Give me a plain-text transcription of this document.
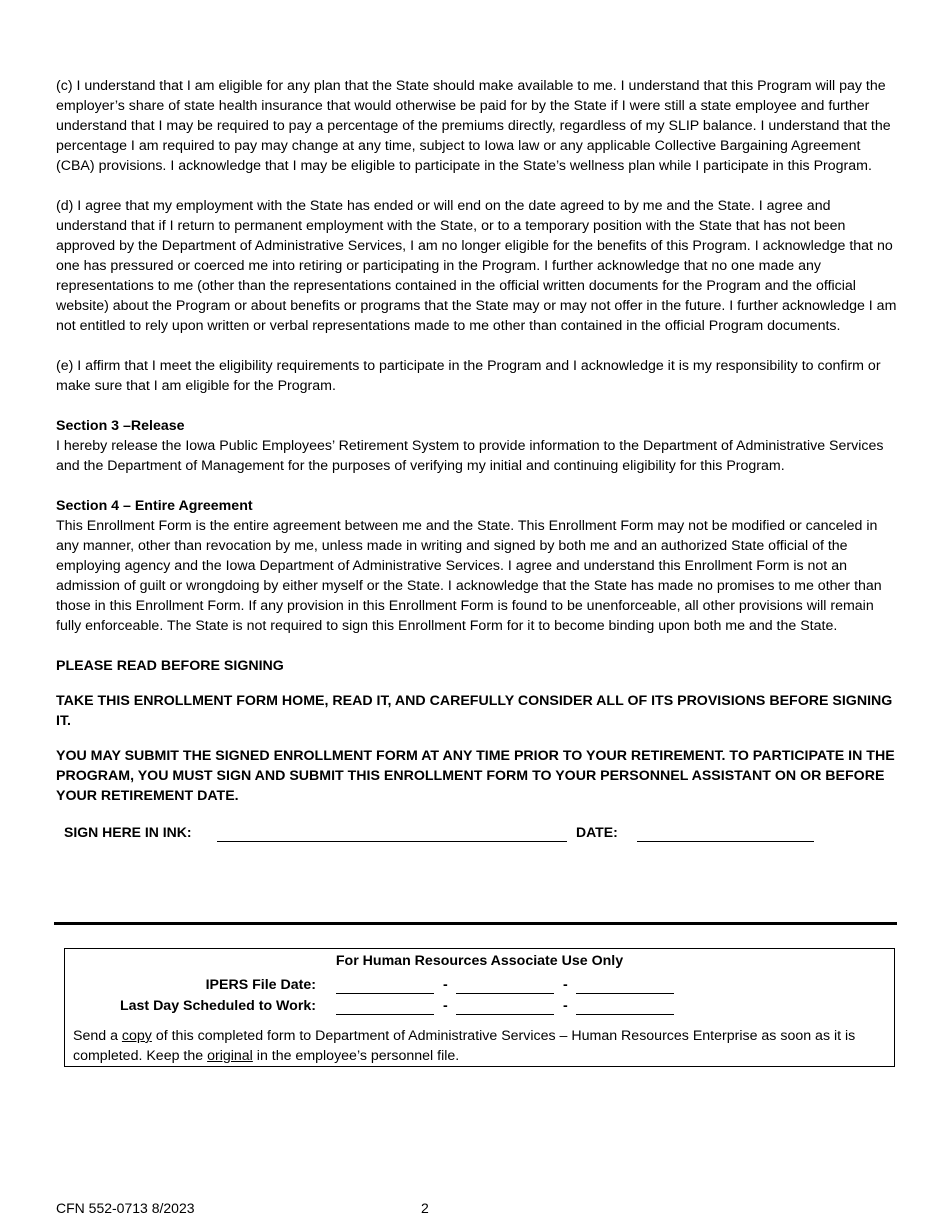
(c) I understand that I am eligible for any plan that the State should make available to me. I understand that this Program will pay the employer’s share of state health insurance that would otherwise be paid for by the State if I were still a state employee and further understand that I may be required to pay a percentage of the premiums directly, regardless of my SLIP balance. I understand that the percentage I am required to pay may change at any time, subject to Iowa law or any applicable Collective Bargaining Agreement (CBA) provisions. I acknowledge that I may be eligible to participate in the State’s wellness plan while I participate in this Program.

(d) I agree that my employment with the State has ended or will end on the date agreed to by me and the State. I agree and understand that if I return to permanent employment with the State, or to a temporary position with the State that has not been approved by the Department of Administrative Services, I am no longer eligible for the benefits of this Program. I acknowledge that no one has pressured or coerced me into retiring or participating in the Program. I further acknowledge that no one made any representations to me (other than the representations contained in the official written documents for the Program and the official website) about the Program or about benefits or programs that the State may or may not offer in the future. I further acknowledge I am not entitled to rely upon written or verbal representations made to me other than contained in the official Program documents.

(e) I affirm that I meet the eligibility requirements to participate in the Program and I acknowledge it is my responsibility to confirm or make sure that I am eligible for the Program.

Section 3 –Release
I hereby release the Iowa Public Employees’ Retirement System to provide information to the Department of Administrative Services and the Department of Management for the purposes of verifying my initial and continuing eligibility for this Program.

Section 4 – Entire Agreement
This Enrollment Form is the entire agreement between me and the State. This Enrollment Form may not be modified or canceled in any manner, other than revocation by me, unless made in writing and signed by both me and an authorized State official of the employing agency and the Iowa Department of Administrative Services. I agree and understand this Enrollment Form is not an admission of guilt or wrongdoing by either myself or the State. I acknowledge that the State has made no promises to me other than those in this Enrollment Form. If any provision in this Enrollment Form is found to be unenforceable, all other provisions will remain fully enforceable. The State is not required to sign this Enrollment Form for it to become binding upon both me and the State.

PLEASE READ BEFORE SIGNING

TAKE THIS ENROLLMENT FORM HOME, READ IT, AND CAREFULLY CONSIDER ALL OF ITS PROVISIONS BEFORE SIGNING IT.

YOU MAY SUBMIT THE SIGNED ENROLLMENT FORM AT ANY TIME PRIOR TO YOUR RETIREMENT. TO PARTICIPATE IN THE PROGRAM, YOU MUST SIGN AND SUBMIT THIS ENROLLMENT FORM TO YOUR PERSONNEL ASSISTANT ON OR BEFORE YOUR RETIREMENT DATE.

SIGN HERE IN INK:	DATE:
For Human Resources Associate Use Only
IPERS File Date:	-	-
Last Day Scheduled to Work:	-	-
Send a copy of this completed form to Department of Administrative Services – Human Resources Enterprise as soon as it is completed. Keep the original in the employee’s personnel file.
CFN 552-0713 8/2023	2
